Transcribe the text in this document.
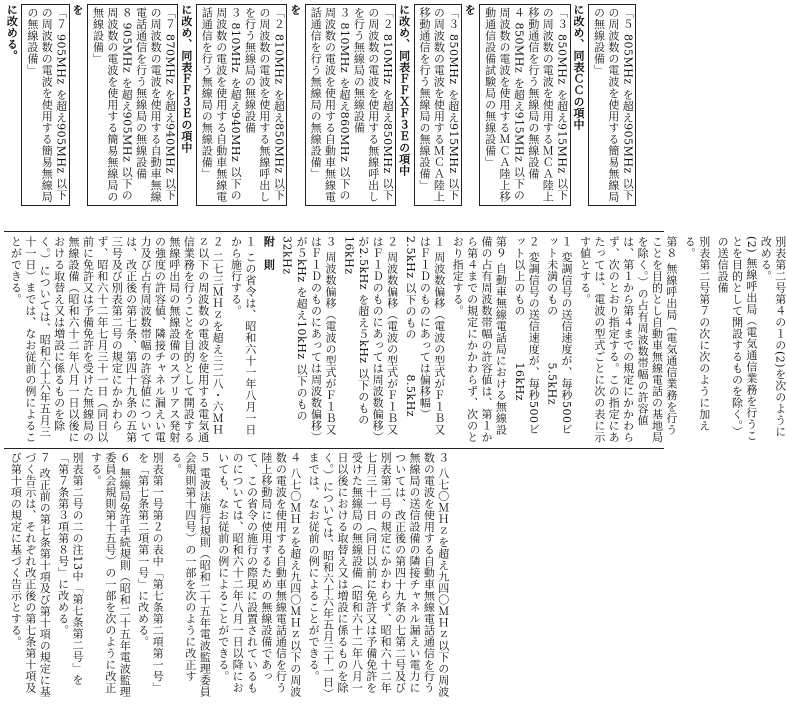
「５ 805MHz を超え905MHz 以下の周波数の電波を使用する簡易無線局の無線設備」

に改め、同表ＣＣの項中

「３ 850MHz を超え915MHz 以下の周波数の電波を使用するＭＣＡ陸上移動通信を行う無線局の無線設備
４ 850MHz を超え915MHz 以下の周波数の電波を使用するＭＣＡ陸上移動通信設備試験局の無線設備」

を

「３ 850MHz を超え915MHz 以下の周波数の電波を使用するＭＣＡ陸上移動通信を行う無線局の無線設備」

に改め、同表ＦＦＸＦ３Ｅの項中

「２ 810MHz を超え850MHz 以下の周波数の電波を使用する無線呼出しを行う無線局の無線設備
３ 810MHz を超え860MHz 以下の周波数の電波を使用する自動車無線電話通信を行う無線局の無線設備」

を

「２ 810MHz を超え850MHz 以下の周波数の電波を使用する無線呼出しを行う無線局の無線設備
３ 810MHz を超え940MHz 以下の周波数の電波を使用する自動車無線電話通信を行う無線局の無線設備」

に改め、同表ＦＦ３Ｅの項中

「７ 870MHz を超え940MHz 以下の周波数の電波を使用する自動車無線電話通信を行う無線局の無線設備
８ 905MHz を超え905MHz 以下の周波数の電波を使用する簡易無線局の無線設備」

を

「７ 905MHz を超え905MHz 以下の周波数の電波を使用する簡易無線局の無線設備」

に改める。

別表第二号第４の１の(2)を次のように改める。
(2) 無線呼出局（電気通信業務を行うことを目的として開設するものを除く。）の送信設備

別表第二号第７の次に次のように加える。

第８ 無線呼出局（電気通信業務を行うことを目的とし自動車無線電話の基地局を除く。）の占有周波数帯幅の許容値は、第１から第４までの規定にかかわらず、次のとおり指定する。この指定にあたっては、電波の型式ごとに次の表に示す値とする。

１ 変調信号の送信速度が、毎秒500ビット未満のもの　　　　5.5kHz

２ 変調信号の送信速度が、毎秒500ビット以上のもの　　　　16kHz

第９ 自動車無線電話局における無線設備の占有周波数帯幅の許容値は、第１から第４までの規定にかかわらず、次のとおり指定する。

１ 周波数偏移（電波の型式がＦ１Ｂ又はＦ１Ｄのものにあっては偏移幅）　　　2.5kHz 以下のもの　　　8.5kHz

２ 周波数偏移（電波の型式がＦ１Ｂ又はＦ１Ｄのものにあっては周波数偏移）が2.5kHz を超え５kHz 以下のもの　　　16kHz

３ 周波数偏移（電波の型式がＦ１Ｂ又はＦ１Ｄのものにあっては周波数偏移）が５kHz を超え10kHz 以下のもの　　　32kHz

附　則

１ この省令は、昭和六十一年八月一日から施行する。

２ 二七三ＭＨｚを超え三二八・六ＭＨｚ以下の周波数の電波を使用する電気通信業務を行うことを目的として開設する無線呼出局の無線設備のスプリアス発射の強度の許容値、隣接チャネル漏えい電力及び占有周波数帯幅の許容値については、改正後の第七条、第四十九条の五第三号及び別表第二号の規定にかかわらず、昭和六十二年七月三十一日（同日以前に免許又は予備免許を受けた無線局の無線設備（昭和六十二年八月一日以後における取替え又は増設に係るものを除く。）については、昭和六十六年五月三十一日）までは、なお従前の例によることができる。

３ 八七〇ＭＨｚを超え九四〇ＭＨｚ以下の周波数の電波を使用する自動車無線電話通信を行う無線局の送信設備の隣接チャネル漏えい電力については、改正後の第四十九条の七第二号及び別表第二号の規定にかかわらず、昭和六十二年七月三十一日（同日以前に免許又は予備免許を受けた無線局の無線設備（昭和六十二年八月一日以後における取替え又は増設に係るものを除く。）については、昭和六十六年五月三十一日）までは、なお従前の例によることができる。

４ 八七〇ＭＨｚを超え九四〇ＭＨｚ以下の周波数の電波を使用する自動車無線電話通信を行う陸上移動局に使用するための無線設備であって、この省令の施行の際現に設置されているものについては、昭和六十二年八月一日以降においても、なお従前の例によることができる。

５ 電波法施行規則（昭和二十五年電波監理委員会規則第十四号）の一部を次のように改正する。

別表第一号第２の表中「第七条第二項第一号」を「第七条第二項第一号」に改める。

６ 無線局免許手続規則（昭和二十五年電波監理委員会規則第十五号）の一部を次のように改正する。

別表第二号の二の注13中「第七条第二号」を「第７条第３項第８号」に改める。

７ 改正前の第七条第十項及び第十項の規定に基づく告示は、それぞれ改正後の第七条第十項及び第十項の規定に基づく告示とする。
